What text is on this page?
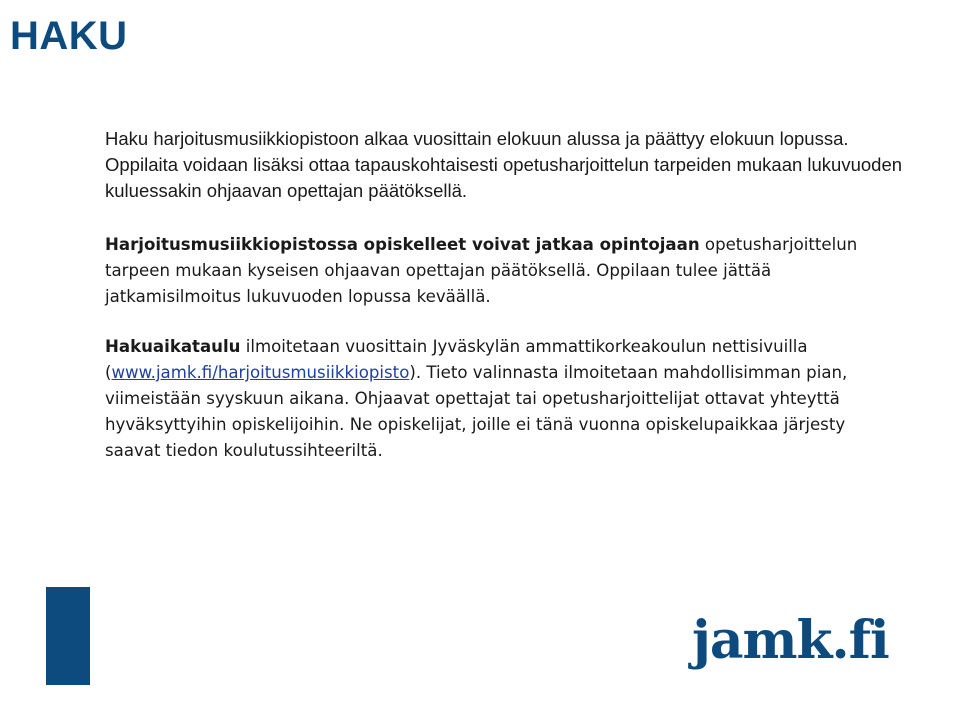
HAKU

Haku harjoitusmusiikkiopistoon alkaa vuosittain elokuun alussa ja päättyy elokuun lopussa. Oppilaita voidaan lisäksi ottaa tapauskohtaisesti opetusharjoittelun tarpeiden mukaan lukuvuoden kuluessakin ohjaavan opettajan päätöksellä.

Harjoitusmusiikkiopistossa opiskelleet voivat jatkaa opintojaan opetusharjoittelun tarpeen mukaan kyseisen ohjaavan opettajan päätöksellä. Oppilaan tulee jättää jatkamisilmoitus lukuvuoden lopussa keväällä.

Hakuaikataulu ilmoitetaan vuosittain Jyväskylän ammattikorkeakoulun nettisivuilla (www.jamk.fi/harjoitusmusiikkiopisto). Tieto valinnasta ilmoitetaan mahdollisimman pian, viimeistään syyskuun aikana. Ohjaavat opettajat tai opetusharjoittelijat ottavat yhteyttä hyväksyttyihin opiskelijoihin. Ne opiskelijat, joille ei tänä vuonna opiskelupaikkaa järjesty saavat tiedon koulutussihteeriltä.

jamk.fi
